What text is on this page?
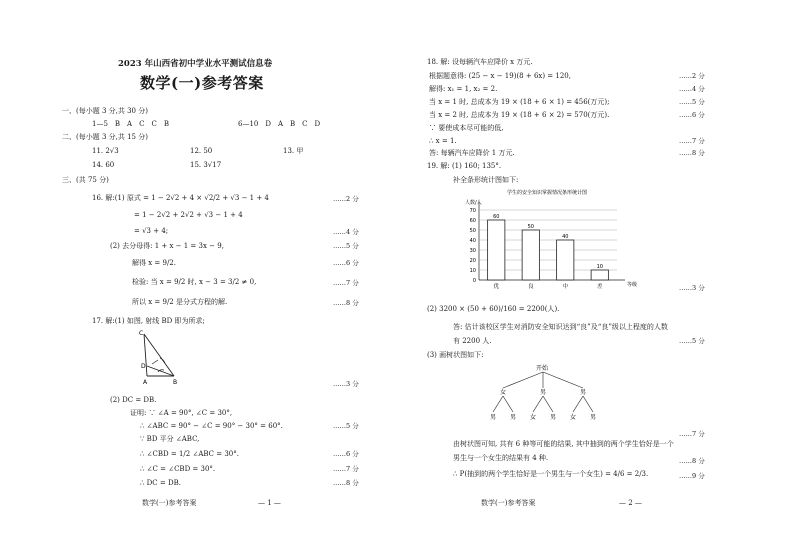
2023 年山西省初中学业水平测试信息卷
数学(一)参考答案
一、(每小题 3 分,共 30 分)
1—5　B　A　C　C　B	6—10　D　A　B　C　D
二、(每小题 3 分,共 15 分)
11. 2√3	12. 50	13. 甲
14. 60	15. 3√17
三、(共 75 分)
16. 解:(1) 原式 = 1 − 2√2 + 4 × √2/2 + √3 − 1 + 4
= 1 − 2√2 + 2√2 + √3 − 1 + 4
= √3 + 4;
(2) 去分母得: 1 + x − 1 = 3x − 9,
解得 x = 9/2.
检验: 当 x = 9/2 时, x − 3 = 3/2 ≠ 0,
所以 x = 9/2 是分式方程的解.
17. 解:(1) 如图, 射线 BD 即为所求;
C
D
A	B
(2) DC = DB.
证明: ∵ ∠A = 90°, ∠C = 30°,
∴ ∠ABC = 90° − ∠C = 90° − 30° = 60°.
∵ BD 平分 ∠ABC,
∴ ∠CBD = 1/2 ∠ABC = 30°.
∴ ∠C = ∠CBD = 30°.
∴ DC = DB.
……2 分
……4 分
……5 分
……6 分
……7 分
……8 分
……3 分
……5 分
……6 分
……7 分
……8 分
数学(一)参考答案	— 1 —
18. 解: 设每辆汽车应降价 x 万元.
根据题意得: (25 − x − 19)(8 + 6x) = 120,
解得: x₁ = 1, x₂ = 2.
当 x = 1 时, 总成本为 19 × (18 + 6 × 1) = 456(万元);
当 x = 2 时, 总成本为 19 × (18 + 6 × 2) = 570(万元).
∵ 要使成本尽可能的低,
∴ x = 1.
答: 每辆汽车应降价 1 万元.
19. 解: (1) 160; 135°.
补全条形统计图如下:
学生的安全知识掌握情况条形统计图
人数/人
等级
0
10
20
30
40
50
60
70
60
优
50
良
40
中
10
差
(2) 3200 × (50 + 60)/160 = 2200(人).
答: 估计该校区学生对消防安全知识达到“良”及“良”级以上程度的人数
有 2200 人.
(3) 画树状图如下:
开始
女	男	男
男 男 女 男 女 男
由树状图可知, 共有 6 种等可能的结果, 其中抽到的两个学生恰好是一个
男生与一个女生的结果有 4 种.
∴ P(抽到的两个学生恰好是一个男生与一个女生) = 4/6 = 2/3.
……2 分
……4 分
……5 分
……6 分
……7 分
……8 分
……3 分
……5 分
……7 分
……8 分
……9 分
数学(一)参考答案	— 2 —
